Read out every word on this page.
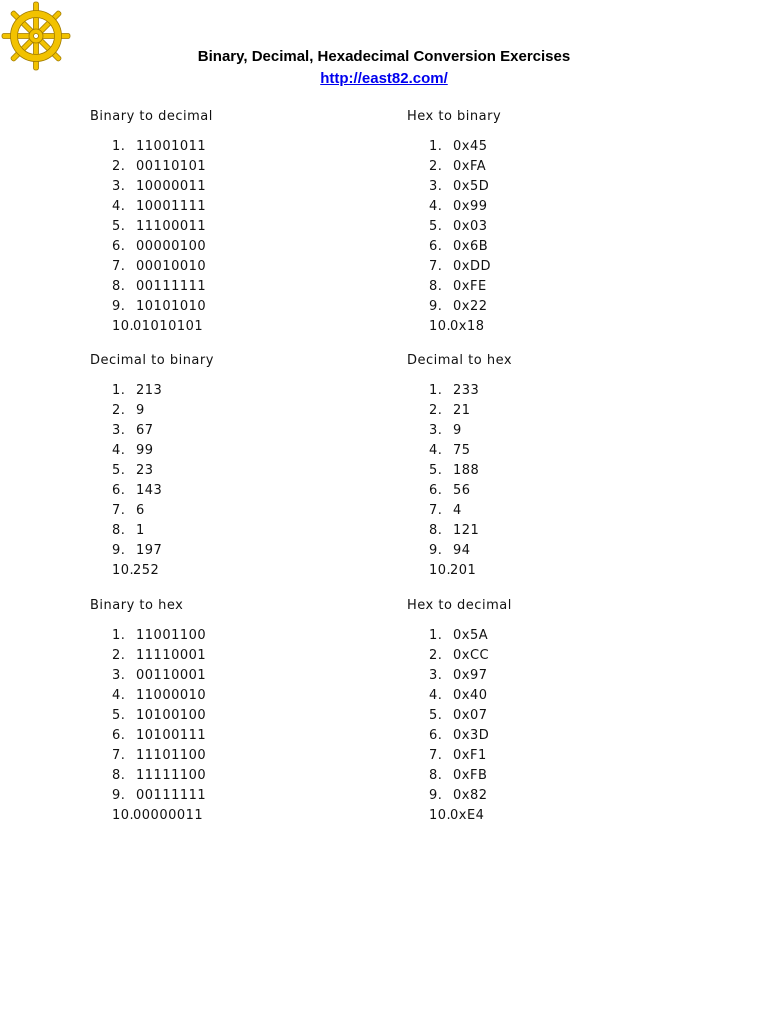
Binary, Decimal, Hexadecimal Conversion Exercises
http://east82.com/
Binary to decimal
1. 11001011
2. 00110101
3. 10000011
4. 10001111
5. 11100011
6. 00000100
7. 00010010
8. 00111111
9. 10101010
10.
01010101
Hex to binary
1. 0x45
2. 0xFA
3. 0x5D
4. 0x99
5. 0x03
6. 0x6B
7. 0xDD
8. 0xFE
9. 0x22
10.
0x18
Decimal to binary
1. 213
2. 9
3. 67
4. 99
5. 23
6. 143
7. 6
8. 1
9. 197
10.
252
Decimal to hex
1. 233
2. 21
3. 9
4. 75
5. 188
6. 56
7. 4
8. 121
9. 94
10.
201
Binary to hex
1. 11001100
2. 11110001
3. 00110001
4. 11000010
5. 10100100
6. 10100111
7. 11101100
8. 11111100
9. 00111111
10.
00000011
Hex to decimal
1. 0x5A
2. 0xCC
3. 0x97
4. 0x40
5. 0x07
6. 0x3D
7. 0xF1
8. 0xFB
9. 0x82
10.
0xE4
